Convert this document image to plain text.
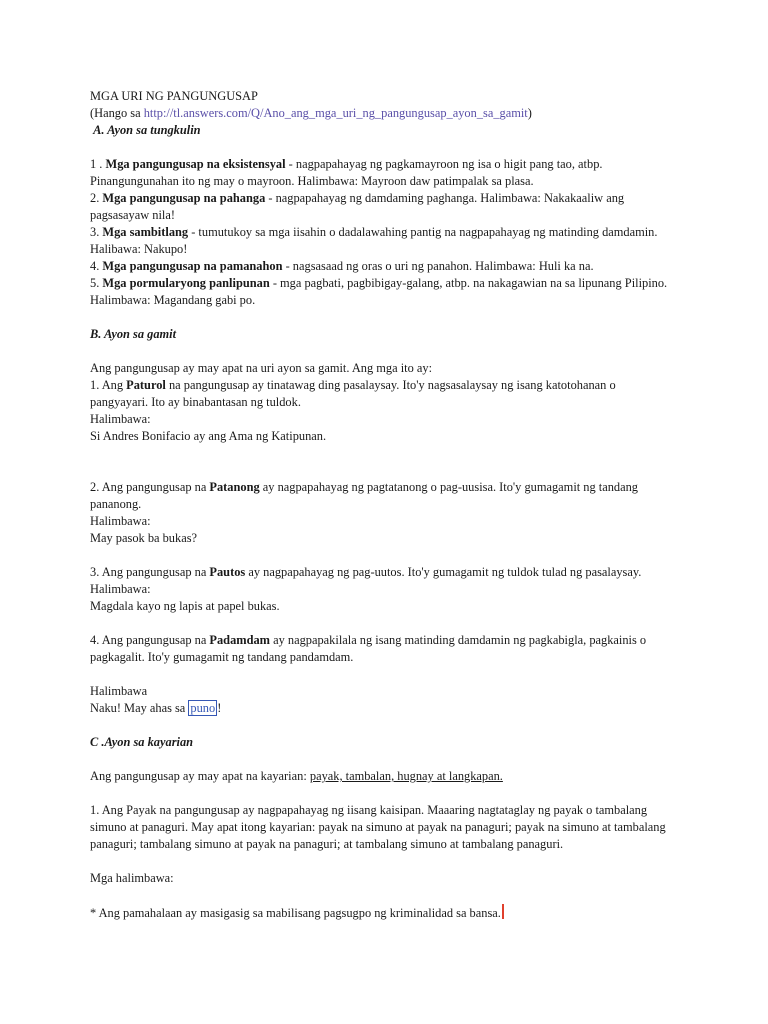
MGA URI NG PANGUNGUSAP
(Hango sa http://tl.answers.com/Q/Ano_ang_mga_uri_ng_pangungusap_ayon_sa_gamit)
A. Ayon sa tungkulin
1 . Mga pangungusap na eksistensyal - nagpapahayag ng pagkamayroon ng isa o higit pang tao, atbp.
Pinangungunahan ito ng may o mayroon. Halimbawa: Mayroon daw patimpalak sa plasa.
2. Mga pangungusap na pahanga - nagpapahayag ng damdaming paghanga. Halimbawa: Nakakaaliw ang
pagsasayaw nila!
3. Mga sambitlang - tumutukoy sa mga iisahin o dadalawahing pantig na nagpapahayag ng matinding damdamin.
Halibawa: Nakupo!
4. Mga pangungusap na pamanahon - nagsasaad ng oras o uri ng panahon. Halimbawa: Huli ka na.
5. Mga pormularyong panlipunan - mga pagbati, pagbibigay-galang, atbp. na nakagawian na sa lipunang Pilipino.
Halimbawa: Magandang gabi po.
B. Ayon sa gamit
Ang pangungusap ay may apat na uri ayon sa gamit. Ang mga ito ay:
1. Ang Paturol na pangungusap ay tinatawag ding pasalaysay. Ito'y nagsasalaysay ng isang katotohanan o
pangyayari. Ito ay binabantasan ng tuldok.
Halimbawa:
Si Andres Bonifacio ay ang Ama ng Katipunan.
2. Ang pangungusap na Patanong ay nagpapahayag ng pagtatanong o pag-uusisa. Ito'y gumagamit ng tandang
pananong.
Halimbawa:
May pasok ba bukas?
3. Ang pangungusap na Pautos ay nagpapahayag ng pag-uutos. Ito'y gumagamit ng tuldok tulad ng pasalaysay.
Halimbawa:
Magdala kayo ng lapis at papel bukas.
4. Ang pangungusap na Padamdam ay nagpapakilala ng isang matinding damdamin ng pagkabigla, pagkainis o
pagkagalit. Ito'y gumagamit ng tandang pandamdam.
Halimbawa
Naku! May ahas sa puno !
C .Ayon sa kayarian
Ang pangungusap ay may apat na kayarian: payak, tambalan, hugnay at langkapan.
1. Ang Payak na pangungusap ay nagpapahayag ng iisang kaisipan. Maaaring nagtataglay ng payak o tambalang
simuno at panaguri. May apat itong kayarian: payak na simuno at payak na panaguri; payak na simuno at tambalang
panaguri; tambalang simuno at payak na panaguri; at tambalang simuno at tambalang panaguri.
Mga halimbawa:
* Ang pamahalaan ay masigasig sa mabilisang pagsugpo ng kriminalidad sa bansa.
